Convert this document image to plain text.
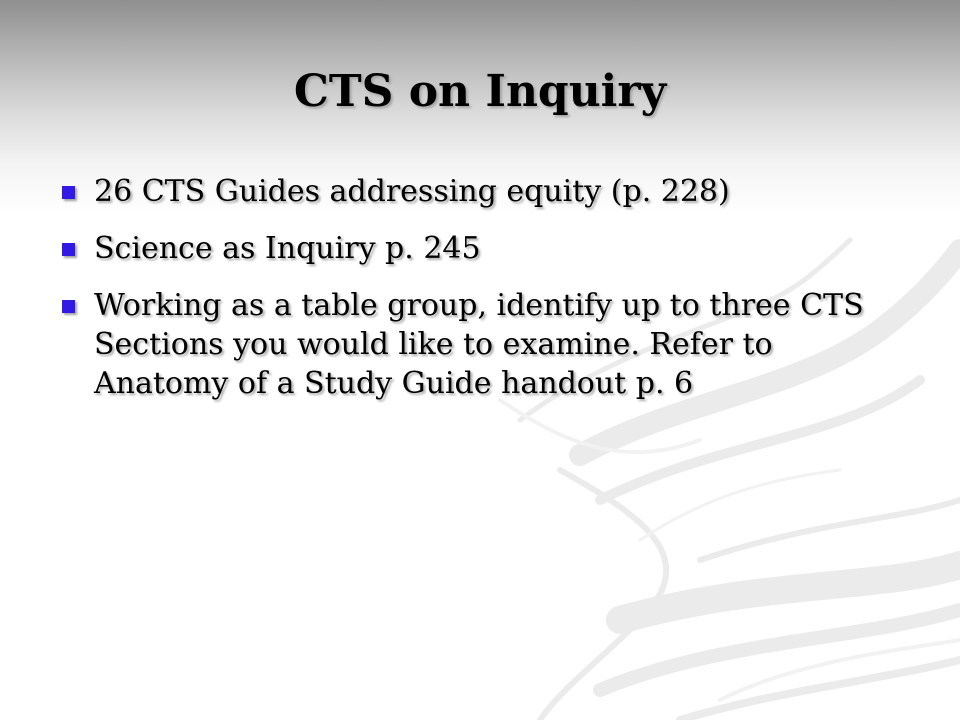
CTS on Inquiry
26 CTS Guides addressing equity (p. 228)
Science as Inquiry p. 245
Working as a table group, identify up to three CTS Sections you would like to examine. Refer to Anatomy of a Study Guide handout p. 6
